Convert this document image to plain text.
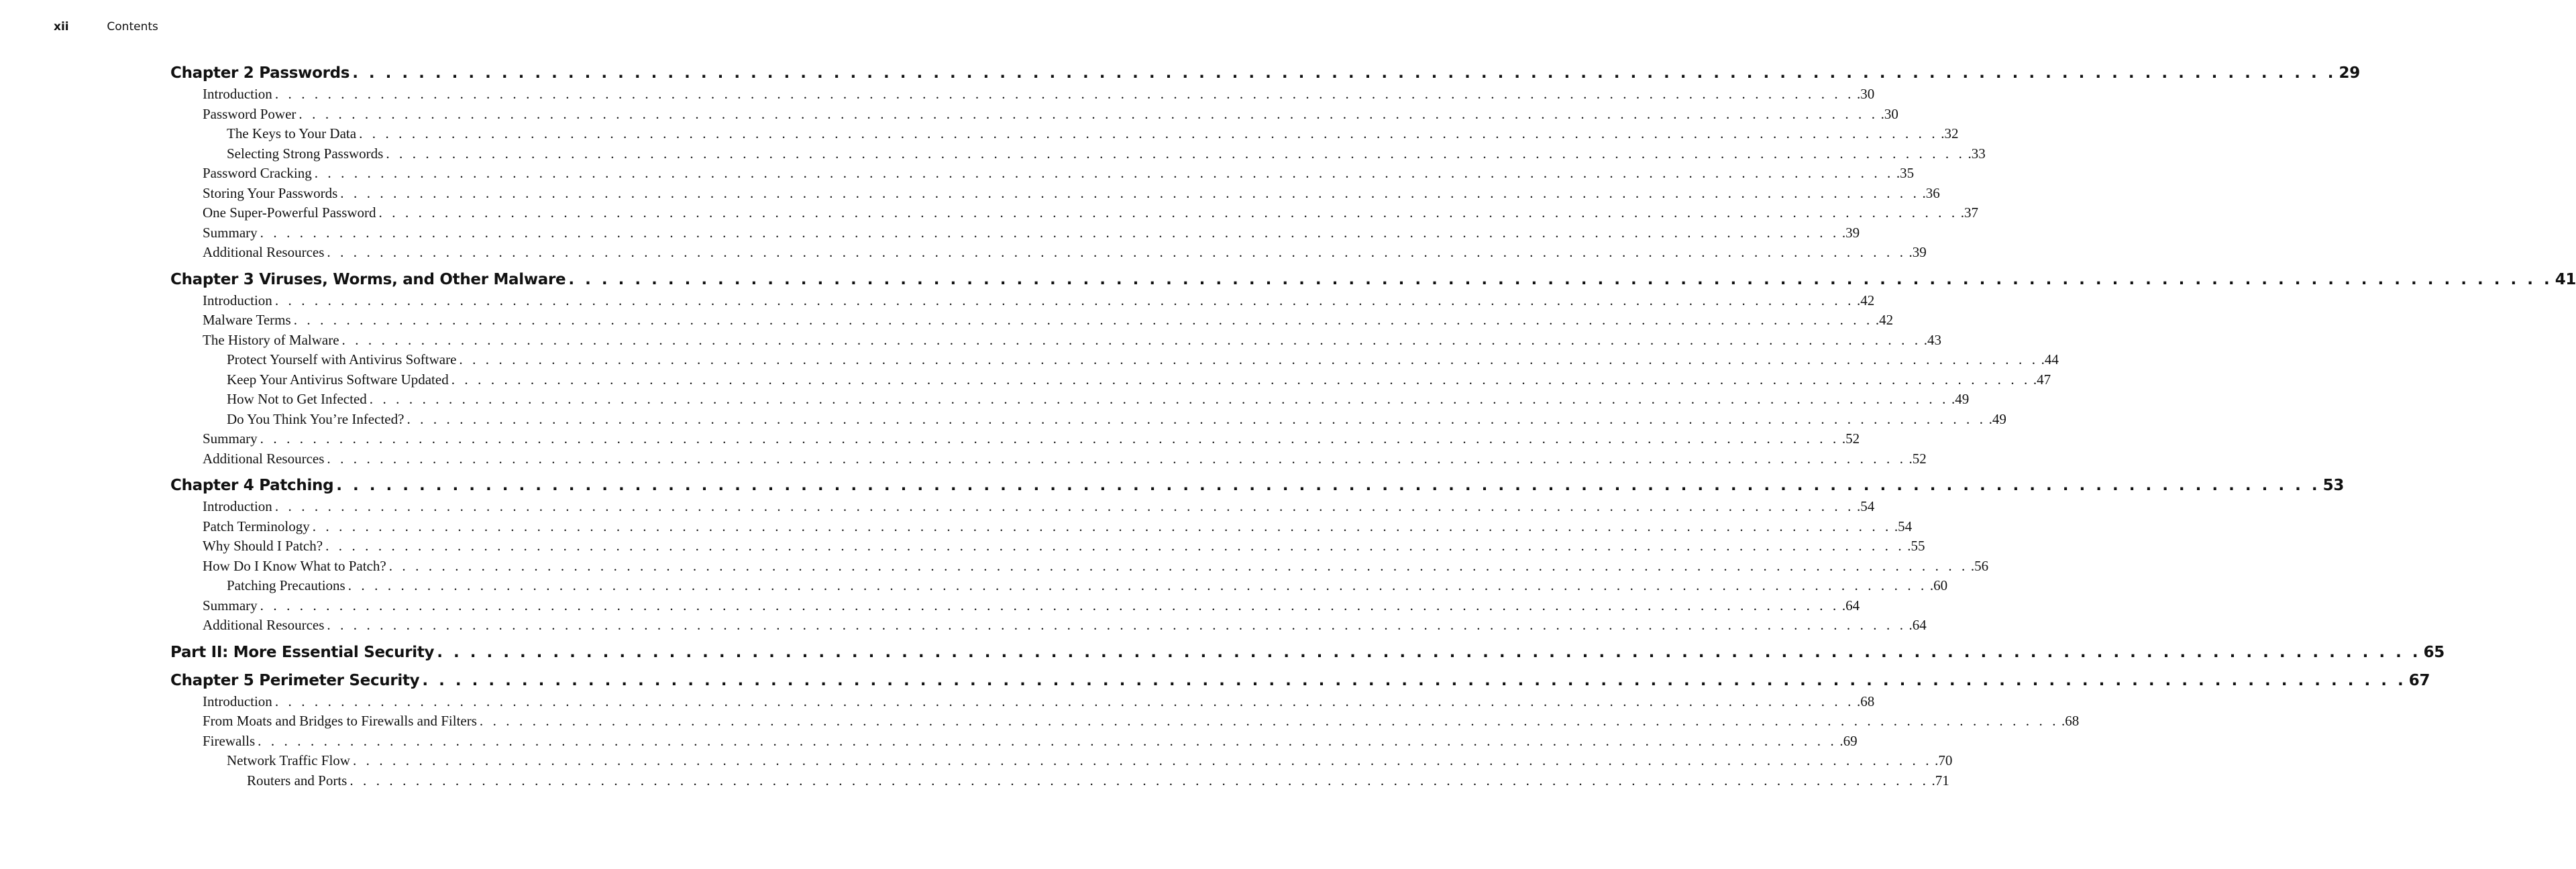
xii	Contents
Chapter 2 Passwords . . . . . . . . . . . . . . . . . . . . . . . . . . . . . . . . . . . . . . . . . . . . . . . . . . . . . . . . . . . . . . . . . . . . . . . . . . . . . . . . . . . . . . . . . . . . . . . . . . . . . . . . . . . . . . . . . . . . . . . . 29
Introduction . . . . . . . . . . . . . . . . . . . . . . . . . . . . . . . . . . . . . . . . . . . . . . . . . . . . . . . . . . . . . . . . . . . . . . . . . . . . . . . . . . . . . . . . . . . . . . . . . . . . . . . . . . . . . . . . . . . . . . . . .30
Password Power . . . . . . . . . . . . . . . . . . . . . . . . . . . . . . . . . . . . . . . . . . . . . . . . . . . . . . . . . . . . . . . . . . . . . . . . . . . . . . . . . . . . . . . . . . . . . . . . . . . . . . . . . . . . . . . . . . . . . . . . .30
The Keys to Your Data . . . . . . . . . . . . . . . . . . . . . . . . . . . . . . . . . . . . . . . . . . . . . . . . . . . . . . . . . . . . . . . . . . . . . . . . . . . . . . . . . . . . . . . . . . . . . . . . . . . . . . . . . . . . . . . . . . . . . . . . .32
Selecting Strong Passwords . . . . . . . . . . . . . . . . . . . . . . . . . . . . . . . . . . . . . . . . . . . . . . . . . . . . . . . . . . . . . . . . . . . . . . . . . . . . . . . . . . . . . . . . . . . . . . . . . . . . . . . . . . . . . . . . . . . . . . . . .33
Password Cracking . . . . . . . . . . . . . . . . . . . . . . . . . . . . . . . . . . . . . . . . . . . . . . . . . . . . . . . . . . . . . . . . . . . . . . . . . . . . . . . . . . . . . . . . . . . . . . . . . . . . . . . . . . . . . . . . . . . . . . . . .35
Storing Your Passwords . . . . . . . . . . . . . . . . . . . . . . . . . . . . . . . . . . . . . . . . . . . . . . . . . . . . . . . . . . . . . . . . . . . . . . . . . . . . . . . . . . . . . . . . . . . . . . . . . . . . . . . . . . . . . . . . . . . . . . . . .36
One Super-Powerful Password . . . . . . . . . . . . . . . . . . . . . . . . . . . . . . . . . . . . . . . . . . . . . . . . . . . . . . . . . . . . . . . . . . . . . . . . . . . . . . . . . . . . . . . . . . . . . . . . . . . . . . . . . . . . . . . . . . . . . . . . .37
Summary . . . . . . . . . . . . . . . . . . . . . . . . . . . . . . . . . . . . . . . . . . . . . . . . . . . . . . . . . . . . . . . . . . . . . . . . . . . . . . . . . . . . . . . . . . . . . . . . . . . . . . . . . . . . . . . . . . . . . . . . .39
Additional Resources . . . . . . . . . . . . . . . . . . . . . . . . . . . . . . . . . . . . . . . . . . . . . . . . . . . . . . . . . . . . . . . . . . . . . . . . . . . . . . . . . . . . . . . . . . . . . . . . . . . . . . . . . . . . . . . . . . . . . . . . .39
Chapter 3 Viruses, Worms, and Other Malware . . . . . . . . . . . . . . . . . . . . . . . . . . . . . . . . . . . . . . . . . . . . . . . . . . . . . . . . . . . . . . . . . . . . . . . . . . . . . . . . . . . . . . . . . . . . . . . . . . . . . . . . . . . . . . . . . . . . . . . . 41
Introduction . . . . . . . . . . . . . . . . . . . . . . . . . . . . . . . . . . . . . . . . . . . . . . . . . . . . . . . . . . . . . . . . . . . . . . . . . . . . . . . . . . . . . . . . . . . . . . . . . . . . . . . . . . . . . . . . . . . . . . . . .42
Malware Terms . . . . . . . . . . . . . . . . . . . . . . . . . . . . . . . . . . . . . . . . . . . . . . . . . . . . . . . . . . . . . . . . . . . . . . . . . . . . . . . . . . . . . . . . . . . . . . . . . . . . . . . . . . . . . . . . . . . . . . . . .42
The History of Malware . . . . . . . . . . . . . . . . . . . . . . . . . . . . . . . . . . . . . . . . . . . . . . . . . . . . . . . . . . . . . . . . . . . . . . . . . . . . . . . . . . . . . . . . . . . . . . . . . . . . . . . . . . . . . . . . . . . . . . . . .43
Protect Yourself with Antivirus Software . . . . . . . . . . . . . . . . . . . . . . . . . . . . . . . . . . . . . . . . . . . . . . . . . . . . . . . . . . . . . . . . . . . . . . . . . . . . . . . . . . . . . . . . . . . . . . . . . . . . . . . . . . . . . . . . . . . . . . . . .44
Keep Your Antivirus Software Updated . . . . . . . . . . . . . . . . . . . . . . . . . . . . . . . . . . . . . . . . . . . . . . . . . . . . . . . . . . . . . . . . . . . . . . . . . . . . . . . . . . . . . . . . . . . . . . . . . . . . . . . . . . . . . . . . . . . . . . . . .47
How Not to Get Infected . . . . . . . . . . . . . . . . . . . . . . . . . . . . . . . . . . . . . . . . . . . . . . . . . . . . . . . . . . . . . . . . . . . . . . . . . . . . . . . . . . . . . . . . . . . . . . . . . . . . . . . . . . . . . . . . . . . . . . . . .49
Do You Think You’re Infected? . . . . . . . . . . . . . . . . . . . . . . . . . . . . . . . . . . . . . . . . . . . . . . . . . . . . . . . . . . . . . . . . . . . . . . . . . . . . . . . . . . . . . . . . . . . . . . . . . . . . . . . . . . . . . . . . . . . . . . . . .49
Summary . . . . . . . . . . . . . . . . . . . . . . . . . . . . . . . . . . . . . . . . . . . . . . . . . . . . . . . . . . . . . . . . . . . . . . . . . . . . . . . . . . . . . . . . . . . . . . . . . . . . . . . . . . . . . . . . . . . . . . . . .52
Additional Resources . . . . . . . . . . . . . . . . . . . . . . . . . . . . . . . . . . . . . . . . . . . . . . . . . . . . . . . . . . . . . . . . . . . . . . . . . . . . . . . . . . . . . . . . . . . . . . . . . . . . . . . . . . . . . . . . . . . . . . . . .52
Chapter 4 Patching . . . . . . . . . . . . . . . . . . . . . . . . . . . . . . . . . . . . . . . . . . . . . . . . . . . . . . . . . . . . . . . . . . . . . . . . . . . . . . . . . . . . . . . . . . . . . . . . . . . . . . . . . . . . . . . . . . . . . . . . 53
Introduction . . . . . . . . . . . . . . . . . . . . . . . . . . . . . . . . . . . . . . . . . . . . . . . . . . . . . . . . . . . . . . . . . . . . . . . . . . . . . . . . . . . . . . . . . . . . . . . . . . . . . . . . . . . . . . . . . . . . . . . . .54
Patch Terminology . . . . . . . . . . . . . . . . . . . . . . . . . . . . . . . . . . . . . . . . . . . . . . . . . . . . . . . . . . . . . . . . . . . . . . . . . . . . . . . . . . . . . . . . . . . . . . . . . . . . . . . . . . . . . . . . . . . . . . . . .54
Why Should I Patch? . . . . . . . . . . . . . . . . . . . . . . . . . . . . . . . . . . . . . . . . . . . . . . . . . . . . . . . . . . . . . . . . . . . . . . . . . . . . . . . . . . . . . . . . . . . . . . . . . . . . . . . . . . . . . . . . . . . . . . . . .55
How Do I Know What to Patch? . . . . . . . . . . . . . . . . . . . . . . . . . . . . . . . . . . . . . . . . . . . . . . . . . . . . . . . . . . . . . . . . . . . . . . . . . . . . . . . . . . . . . . . . . . . . . . . . . . . . . . . . . . . . . . . . . . . . . . . . .56
Patching Precautions . . . . . . . . . . . . . . . . . . . . . . . . . . . . . . . . . . . . . . . . . . . . . . . . . . . . . . . . . . . . . . . . . . . . . . . . . . . . . . . . . . . . . . . . . . . . . . . . . . . . . . . . . . . . . . . . . . . . . . . . .60
Summary . . . . . . . . . . . . . . . . . . . . . . . . . . . . . . . . . . . . . . . . . . . . . . . . . . . . . . . . . . . . . . . . . . . . . . . . . . . . . . . . . . . . . . . . . . . . . . . . . . . . . . . . . . . . . . . . . . . . . . . . .64
Additional Resources . . . . . . . . . . . . . . . . . . . . . . . . . . . . . . . . . . . . . . . . . . . . . . . . . . . . . . . . . . . . . . . . . . . . . . . . . . . . . . . . . . . . . . . . . . . . . . . . . . . . . . . . . . . . . . . . . . . . . . . . .64
Part II: More Essential Security . . . . . . . . . . . . . . . . . . . . . . . . . . . . . . . . . . . . . . . . . . . . . . . . . . . . . . . . . . . . . . . . . . . . . . . . . . . . . . . . . . . . . . . . . . . . . . . . . . . . . . . . . . . . . . . . . . . . . . . . 65
Chapter 5 Perimeter Security . . . . . . . . . . . . . . . . . . . . . . . . . . . . . . . . . . . . . . . . . . . . . . . . . . . . . . . . . . . . . . . . . . . . . . . . . . . . . . . . . . . . . . . . . . . . . . . . . . . . . . . . . . . . . . . . . . . . . . . . 67
Introduction . . . . . . . . . . . . . . . . . . . . . . . . . . . . . . . . . . . . . . . . . . . . . . . . . . . . . . . . . . . . . . . . . . . . . . . . . . . . . . . . . . . . . . . . . . . . . . . . . . . . . . . . . . . . . . . . . . . . . . . . .68
From Moats and Bridges to Firewalls and Filters . . . . . . . . . . . . . . . . . . . . . . . . . . . . . . . . . . . . . . . . . . . . . . . . . . . . . . . . . . . . . . . . . . . . . . . . . . . . . . . . . . . . . . . . . . . . . . . . . . . . . . . . . . . . . . . . . . . . . . . . .68
Firewalls . . . . . . . . . . . . . . . . . . . . . . . . . . . . . . . . . . . . . . . . . . . . . . . . . . . . . . . . . . . . . . . . . . . . . . . . . . . . . . . . . . . . . . . . . . . . . . . . . . . . . . . . . . . . . . . . . . . . . . . . .69
Network Traffic Flow . . . . . . . . . . . . . . . . . . . . . . . . . . . . . . . . . . . . . . . . . . . . . . . . . . . . . . . . . . . . . . . . . . . . . . . . . . . . . . . . . . . . . . . . . . . . . . . . . . . . . . . . . . . . . . . . . . . . . . . . .70
Routers and Ports . . . . . . . . . . . . . . . . . . . . . . . . . . . . . . . . . . . . . . . . . . . . . . . . . . . . . . . . . . . . . . . . . . . . . . . . . . . . . . . . . . . . . . . . . . . . . . . . . . . . . . . . . . . . . . . . . . . . . . . . .71
